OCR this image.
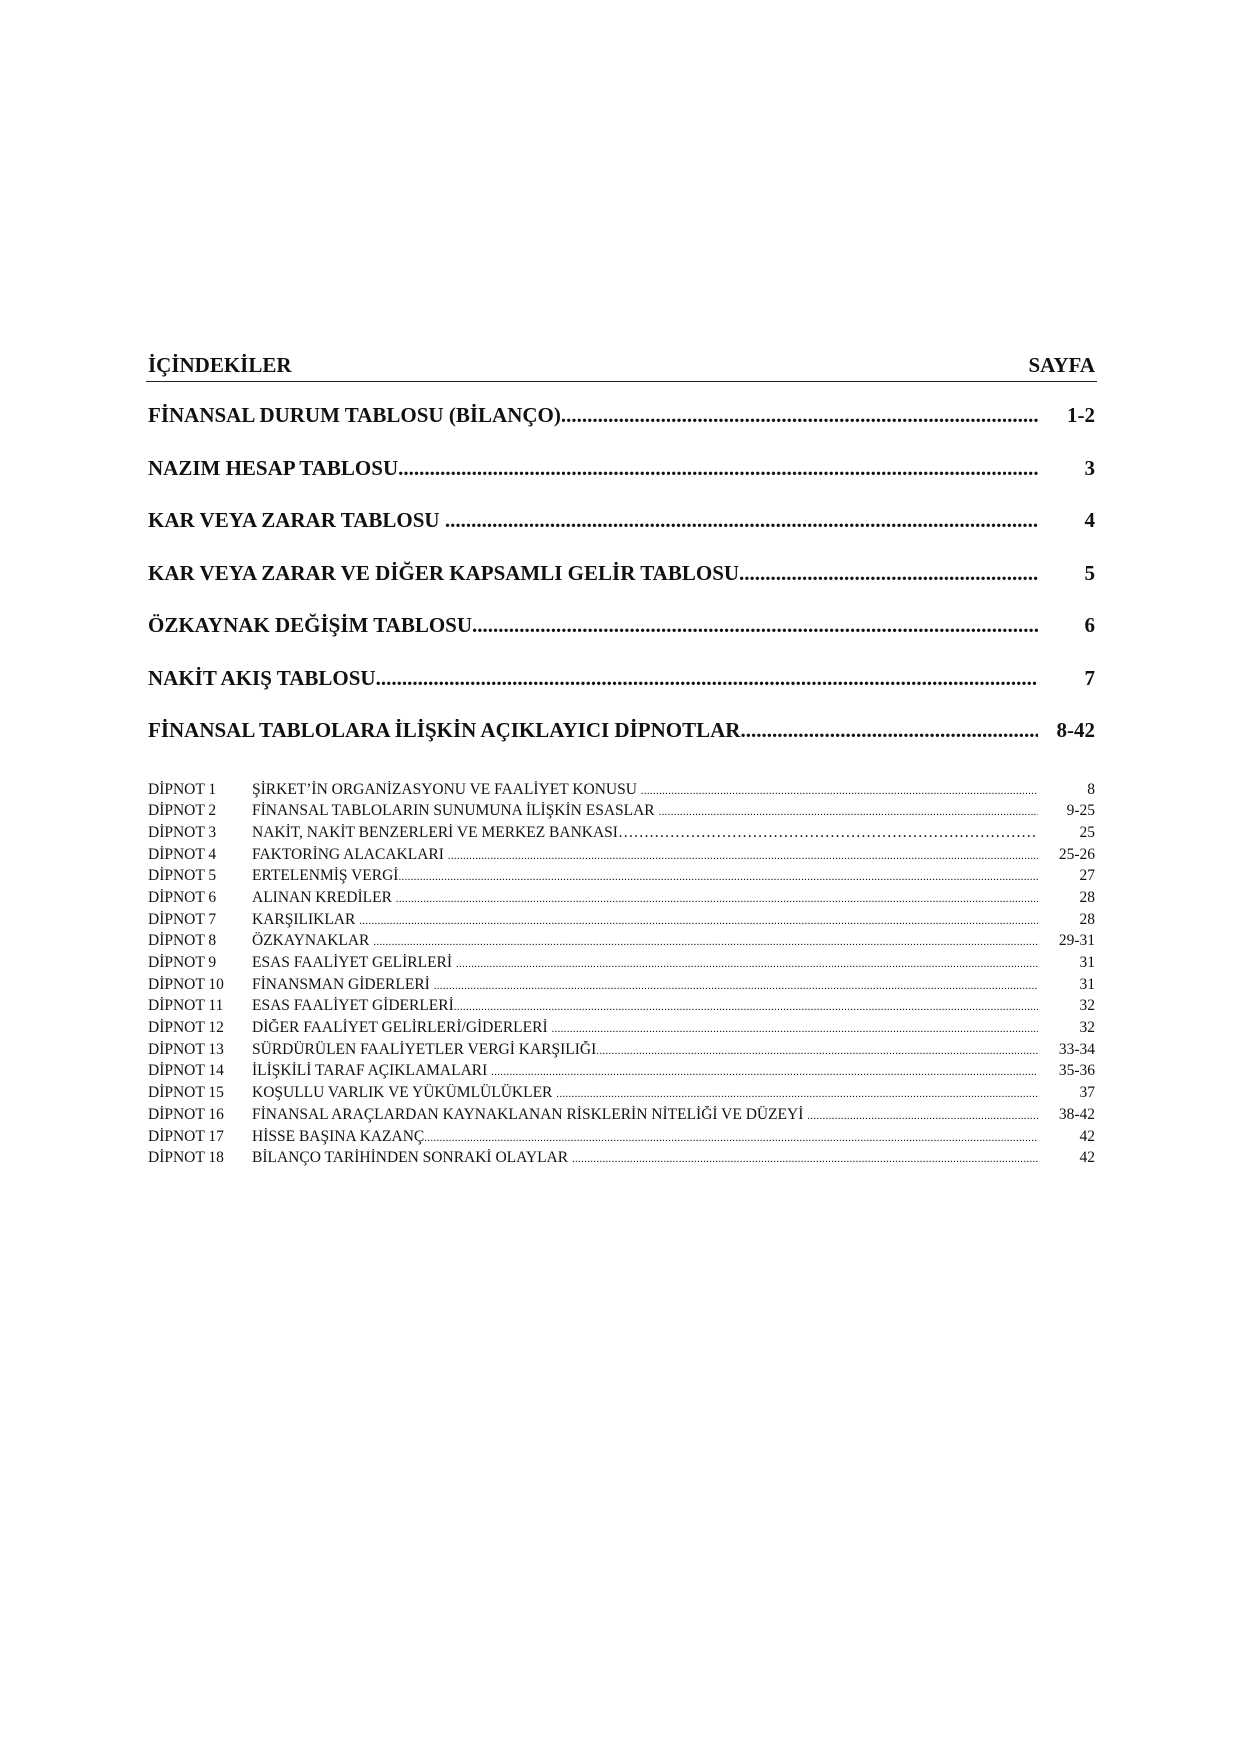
İÇİNDEKİLER	SAYFA
FİNANSAL DURUM TABLOSU (BİLANÇO) .....	1-2
NAZIM HESAP TABLOSU .....	3
KAR VEYA ZARAR TABLOSU .....	4
KAR VEYA ZARAR VE DİĞER KAPSAMLI GELİR TABLOSU .....	5
ÖZKAYNAK DEĞİŞİM TABLOSU .....	6
NAKİT AKIŞ TABLOSU .....	7
FİNANSAL TABLOLARA İLİŞKİN AÇIKLAYICI DİPNOTLAR .....	8-42
DİPNOT 1	ŞİRKET’İN ORGANİZASYONU VE FAALİYET KONUSU .....	8
DİPNOT 2	FİNANSAL TABLOLARIN SUNUMUNA İLİŞKİN ESASLAR .....	9-25
DİPNOT 3	NAKİT, NAKİT BENZERLERİ VE MERKEZ BANKASI ………………………………………………………………………………………………………………………	25
DİPNOT 4	FAKTORİNG ALACAKLARI .....	25-26
DİPNOT 5	ERTELENMİŞ VERGİ .....	27
DİPNOT 6	ALINAN KREDİLER .....	28
DİPNOT 7	KARŞILIKLAR .....	28
DİPNOT 8	ÖZKAYNAKLAR .....	29-31
DİPNOT 9	ESAS FAALİYET GELİRLERİ .....	31
DİPNOT 10	FİNANSMAN GİDERLERİ .....	31
DİPNOT 11	ESAS FAALİYET GİDERLERİ .....	32
DİPNOT 12	DİĞER FAALİYET GELİRLERİ/GİDERLERİ .....	32
DİPNOT 13	SÜRDÜRÜLEN FAALİYETLER VERGİ KARŞILIĞI .....	33-34
DİPNOT 14	İLİŞKİLİ TARAF AÇIKLAMALARI .....	35-36
DİPNOT 15	KOŞULLU VARLIK VE YÜKÜMLÜLÜKLER .....	37
DİPNOT 16	FİNANSAL ARAÇLARDAN KAYNAKLANAN RİSKLERİN NİTELİĞİ VE DÜZEYİ .....	38-42
DİPNOT 17	HİSSE BAŞINA KAZANÇ .....	42
DİPNOT 18	BİLANÇO TARİHİNDEN SONRAKİ OLAYLAR .....	42
